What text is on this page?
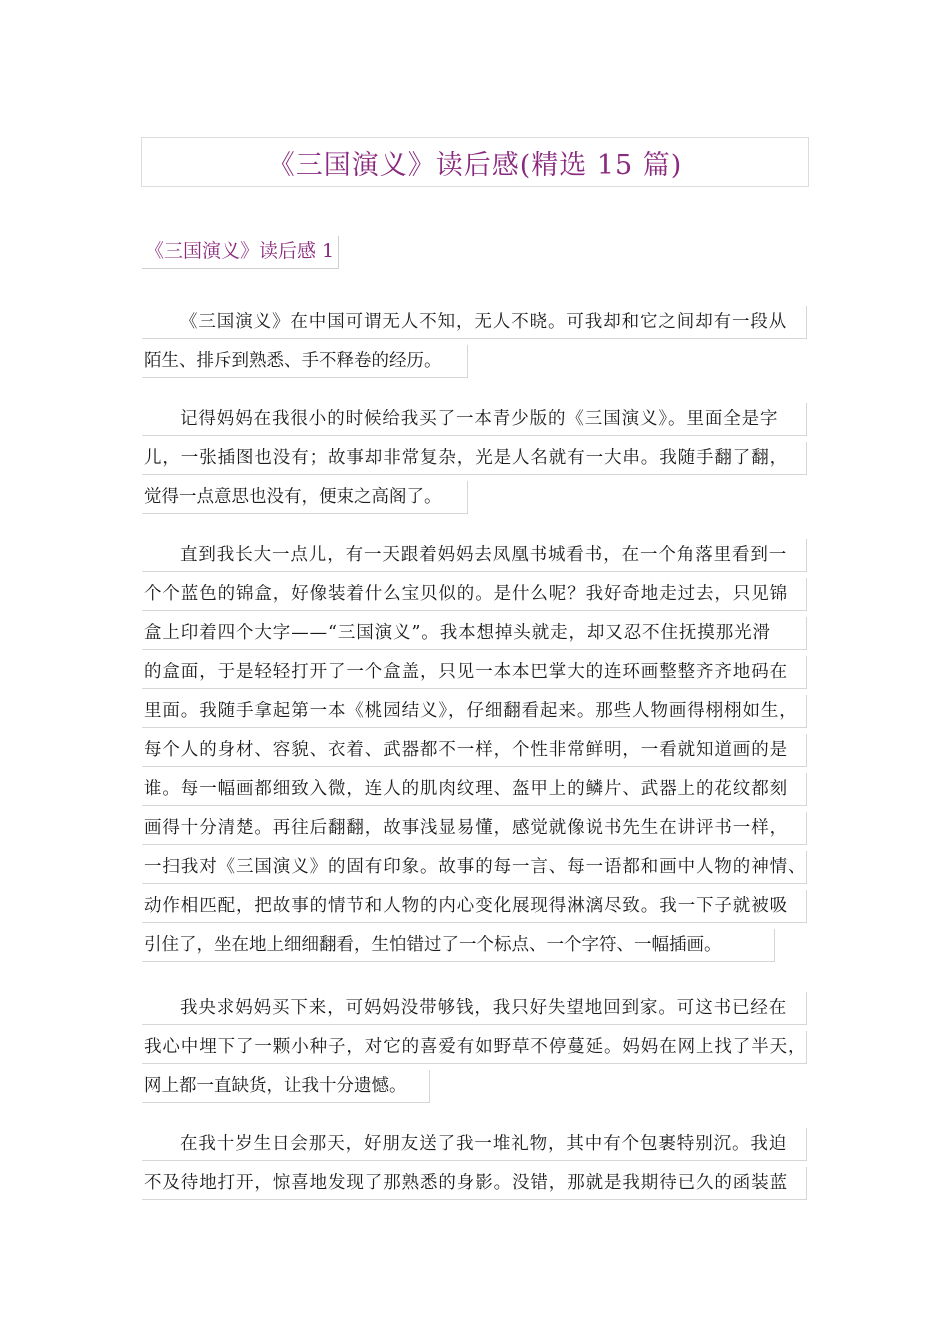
《三国演义》读后感(精选 15 篇)
《三国演义》读后感 1
《三国演义》在中国可谓无人不知，无人不晓。可我却和它之间却有一段从
陌生、排斥到熟悉、手不释卷的经历。
记得妈妈在我很小的时候给我买了一本青少版的《三国演义》。里面全是字
儿，一张插图也没有；故事却非常复杂，光是人名就有一大串。我随手翻了翻，
觉得一点意思也没有，便束之高阁了。
直到我长大一点儿，有一天跟着妈妈去凤凰书城看书，在一个角落里看到一
个个蓝色的锦盒，好像装着什么宝贝似的。是什么呢？我好奇地走过去，只见锦
盒上印着四个大字——“三国演义”。我本想掉头就走，却又忍不住抚摸那光滑
的盒面，于是轻轻打开了一个盒盖，只见一本本巴掌大的连环画整整齐齐地码在
里面。我随手拿起第一本《桃园结义》，仔细翻看起来。那些人物画得栩栩如生，
每个人的身材、容貌、衣着、武器都不一样，个性非常鲜明，一看就知道画的是
谁。每一幅画都细致入微，连人的肌肉纹理、盔甲上的鳞片、武器上的花纹都刻
画得十分清楚。再往后翻翻，故事浅显易懂，感觉就像说书先生在讲评书一样，
一扫我对《三国演义》的固有印象。故事的每一言、每一语都和画中人物的神情、
动作相匹配，把故事的情节和人物的内心变化展现得淋漓尽致。我一下子就被吸
引住了，坐在地上细细翻看，生怕错过了一个标点、一个字符、一幅插画。
我央求妈妈买下来，可妈妈没带够钱，我只好失望地回到家。可这书已经在
我心中埋下了一颗小种子，对它的喜爱有如野草不停蔓延。妈妈在网上找了半天，
网上都一直缺货，让我十分遗憾。
在我十岁生日会那天，好朋友送了我一堆礼物，其中有个包裹特别沉。我迫
不及待地打开，惊喜地发现了那熟悉的身影。没错，那就是我期待已久的函装蓝
